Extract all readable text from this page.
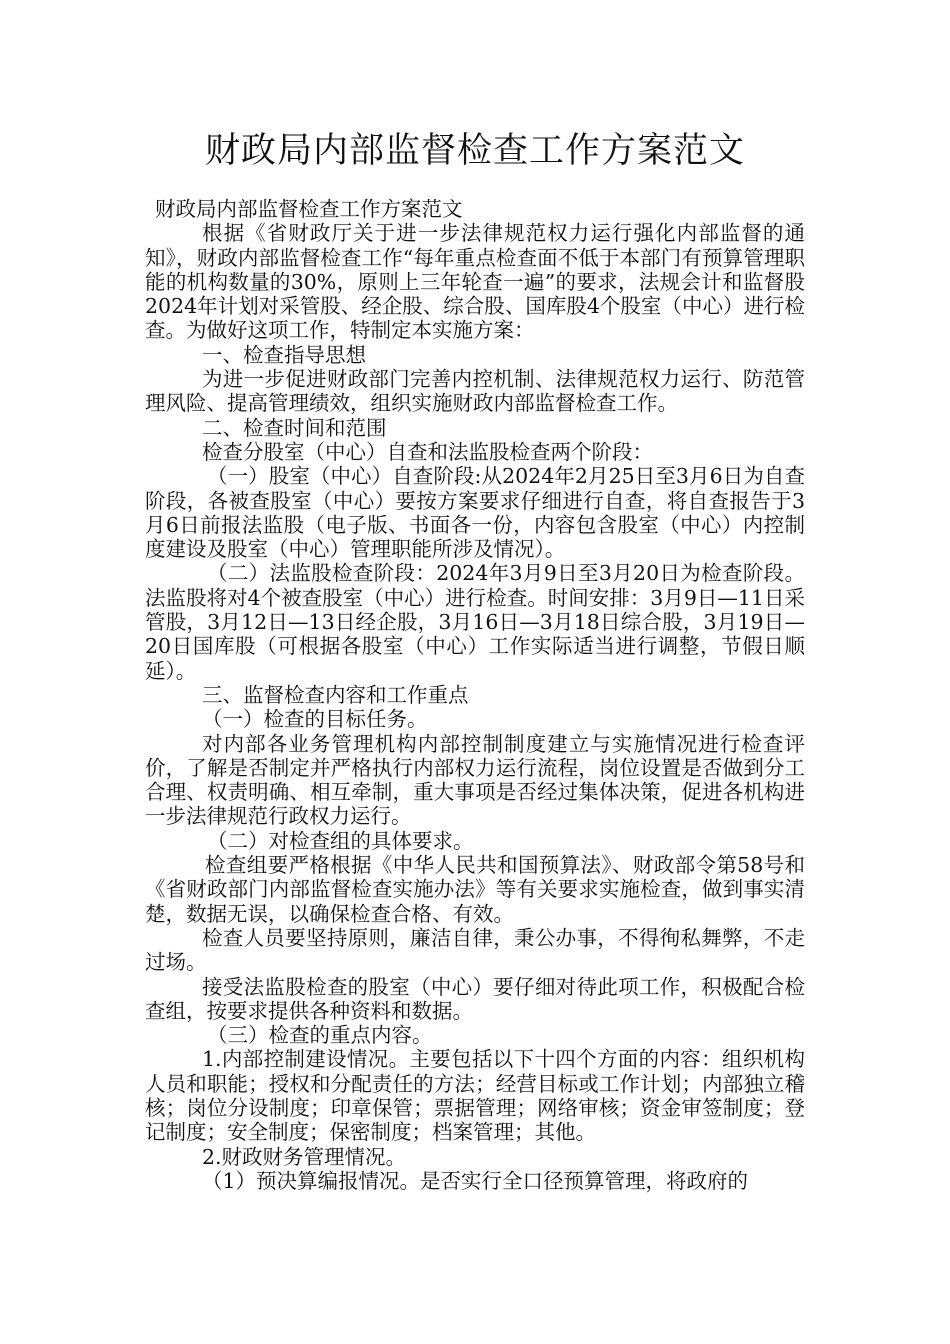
财政局内部监督检查工作方案范文

财政局内部监督检查工作方案范文

根据《省财政厅关于进一步法律规范权力运行强化内部监督的通知》，财政内部监督检查工作“每年重点检查面不低于本部门有预算管理职能的机构数量的30%，原则上三年轮查一遍”的要求，法规会计和监督股2024年计划对采管股、经企股、综合股、国库股4个股室（中心）进行检查。为做好这项工作，特制定本实施方案：

一、检查指导思想

为进一步促进财政部门完善内控机制、法律规范权力运行、防范管理风险、提高管理绩效，组织实施财政内部监督检查工作。

二、检查时间和范围

检查分股室（中心）自查和法监股检查两个阶段：

（一）股室（中心）自查阶段:从2024年2月25日至3月6日为自查阶段，各被查股室（中心）要按方案要求仔细进行自查，将自查报告于3月6日前报法监股（电子版、书面各一份，内容包含股室（中心）内控制度建设及股室（中心）管理职能所涉及情况）。

（二）法监股检查阶段：2024年3月9日至3月20日为检查阶段。法监股将对4个被查股室（中心）进行检查。时间安排：3月9日—11日采管股，3月12日—13日经企股，3月16日—3月18日综合股，3月19日—20日国库股（可根据各股室（中心）工作实际适当进行调整，节假日顺延）。

三、监督检查内容和工作重点

（一）检查的目标任务。

对内部各业务管理机构内部控制制度建立与实施情况进行检查评价，了解是否制定并严格执行内部权力运行流程，岗位设置是否做到分工合理、权责明确、相互牵制，重大事项是否经过集体决策，促进各机构进一步法律规范行政权力运行。

（二）对检查组的具体要求。

检查组要严格根据《中华人民共和国预算法》、财政部令第58号和《省财政部门内部监督检查实施办法》等有关要求实施检查，做到事实清楚，数据无误，以确保检查合格、有效。

检查人员要坚持原则，廉洁自律，秉公办事，不得徇私舞弊，不走过场。

接受法监股检查的股室（中心）要仔细对待此项工作，积极配合检查组，按要求提供各种资料和数据。

（三）检查的重点内容。

1.内部控制建设情况。主要包括以下十四个方面的内容：组织机构人员和职能；授权和分配责任的方法；经营目标或工作计划；内部独立稽核；岗位分设制度；印章保管；票据管理；网络审核；资金审签制度；登记制度；安全制度；保密制度；档案管理；其他。

2.财政财务管理情况。

（1）预决算编报情况。是否实行全口径预算管理，将政府的
